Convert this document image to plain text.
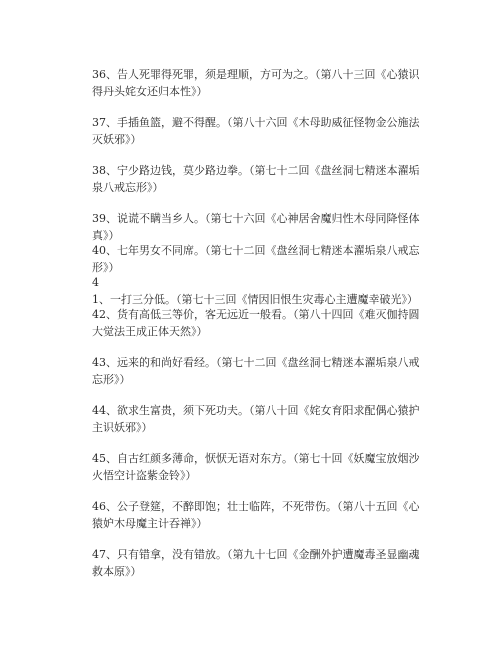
36、告人死罪得死罪，须是理顺，方可为之。（第八十三回《心猿识得丹头姹女还归本性》）

37、手插鱼篮，避不得醒。（第八十六回《木母助威征怪物金公施法灭妖邪》）

38、宁少路边钱，莫少路边拳。（第七十二回《盘丝洞七精迷本濯垢泉八戒忘形》）

39、说谎不瞒当乡人。（第七十六回《心神居舍魔归性木母同降怪体真》）

40、七年男女不同席。（第七十二回《盘丝洞七精迷本濯垢泉八戒忘形》）

41、一打三分低。（第七十三回《情因旧恨生灾毒心主遭魔幸破光》）

42、货有高低三等价，客无远近一般看。（第八十四回《难灭伽持圆大觉法王成正体天然》）

43、远来的和尚好看经。（第七十二回《盘丝洞七精迷本濯垢泉八戒忘形》）

44、欲求生富贵，须下死功夫。（第八十回《姹女育阳求配偶心猿护主识妖邪》）

45、自古红颜多薄命，恹恹无语对东方。（第七十回《妖魔宝放烟沙火悟空计盗紫金铃》）

46、公子登筵，不醉即饱；壮士临阵，不死带伤。（第八十五回《心猿妒木母魔主计吞禅》）

47、只有错拿，没有错放。（第九十七回《金酬外护遭魔毒圣显幽魂救本原》）
